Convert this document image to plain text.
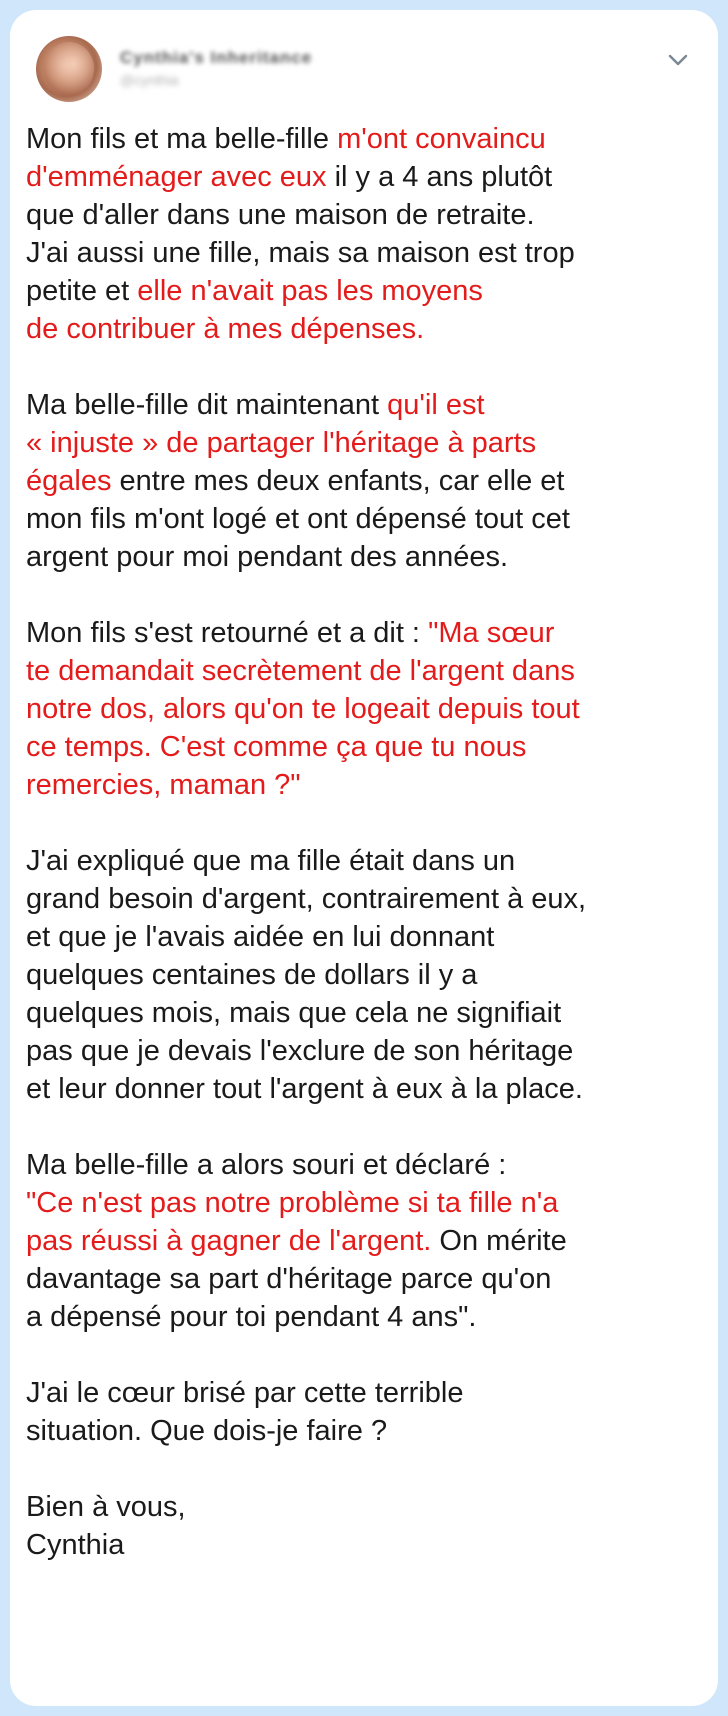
Cynthia's Inheritance
@cynthia
Mon fils et ma belle-fille m'ont convaincu
d'emménager avec eux il y a 4 ans plutôt
que d'aller dans une maison de retraite.
J'ai aussi une fille, mais sa maison est trop
petite et elle n'avait pas les moyens
de contribuer à mes dépenses.
Ma belle-fille dit maintenant qu'il est
« injuste » de partager l'héritage à parts
égales entre mes deux enfants, car elle et
mon fils m'ont logé et ont dépensé tout cet
argent pour moi pendant des années.
Mon fils s'est retourné et a dit : "Ma sœur
te demandait secrètement de l'argent dans
notre dos, alors qu'on te logeait depuis tout
ce temps. C'est comme ça que tu nous
remercies, maman ?"
J'ai expliqué que ma fille était dans un
grand besoin d'argent, contrairement à eux,
et que je l'avais aidée en lui donnant
quelques centaines de dollars il y a
quelques mois, mais que cela ne signifiait
pas que je devais l'exclure de son héritage
et leur donner tout l'argent à eux à la place.
Ma belle-fille a alors souri et déclaré :
"Ce n'est pas notre problème si ta fille n'a
pas réussi à gagner de l'argent. On mérite
davantage sa part d'héritage parce qu'on
a dépensé pour toi pendant 4 ans".
J'ai le cœur brisé par cette terrible
situation. Que dois-je faire ?
Bien à vous,
Cynthia
